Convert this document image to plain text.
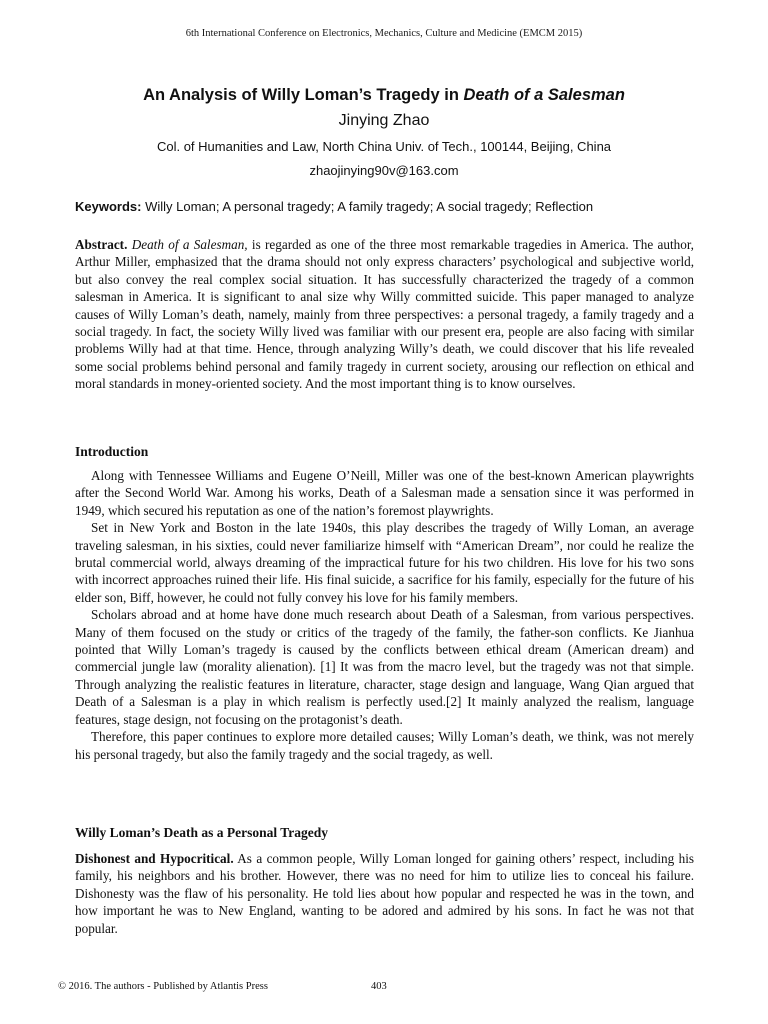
6th International Conference on Electronics, Mechanics, Culture and Medicine (EMCM 2015)
An Analysis of Willy Loman’s Tragedy in Death of a Salesman
Jinying Zhao
Col. of Humanities and Law, North China Univ. of Tech., 100144, Beijing, China
zhaojinying90v@163.com
Keywords: Willy Loman; A personal tragedy; A family tragedy; A social tragedy; Reflection

Abstract. Death of a Salesman, is regarded as one of the three most remarkable tragedies in America. The author, Arthur Miller, emphasized that the drama should not only express characters’ psychological and subjective world, but also convey the real complex social situation. It has successfully characterized the tragedy of a common salesman in America. It is significant to anal size why Willy committed suicide. This paper managed to analyze causes of Willy Loman’s death, namely, mainly from three perspectives: a personal tragedy, a family tragedy and a social tragedy. In fact, the society Willy lived was familiar with our present era, people are also facing with similar problems Willy had at that time. Hence, through analyzing Willy’s death, we could discover that his life revealed some social problems behind personal and family tragedy in current society, arousing our reflection on ethical and moral standards in money-oriented society. And the most important thing is to know ourselves.

Introduction

Along with Tennessee Williams and Eugene O’Neill, Miller was one of the best-known American playwrights after the Second World War. Among his works, Death of a Salesman made a sensation since it was performed in 1949, which secured his reputation as one of the nation’s foremost playwrights.

Set in New York and Boston in the late 1940s, this play describes the tragedy of Willy Loman, an average traveling salesman, in his sixties, could never familiarize himself with “American Dream”, nor could he realize the brutal commercial world, always dreaming of the impractical future for his two children. His love for his two sons with incorrect approaches ruined their life. His final suicide, a sacrifice for his family, especially for the future of his elder son, Biff, however, he could not fully convey his love for his family members.

Scholars abroad and at home have done much research about Death of a Salesman, from various perspectives. Many of them focused on the study or critics of the tragedy of the family, the father-son conflicts. Ke Jianhua pointed that Willy Loman’s tragedy is caused by the conflicts between ethical dream (American dream) and commercial jungle law (morality alienation). [1] It was from the macro level, but the tragedy was not that simple. Through analyzing the realistic features in literature, character, stage design and language, Wang Qian argued that Death of a Salesman is a play in which realism is perfectly used.[2] It mainly analyzed the realism, language features, stage design, not focusing on the protagonist’s death.

Therefore, this paper continues to explore more detailed causes; Willy Loman’s death, we think, was not merely his personal tragedy, but also the family tragedy and the social tragedy, as well.

Willy Loman’s Death as a Personal Tragedy

Dishonest and Hypocritical. As a common people, Willy Loman longed for gaining others’ respect, including his family, his neighbors and his brother. However, there was no need for him to utilize lies to conceal his failure. Dishonesty was the flaw of his personality. He told lies about how popular and respected he was in the town, and how important he was to New England, wanting to be adored and admired by his sons. In fact he was not that popular.

© 2016. The authors - Published by Atlantis Press	403
